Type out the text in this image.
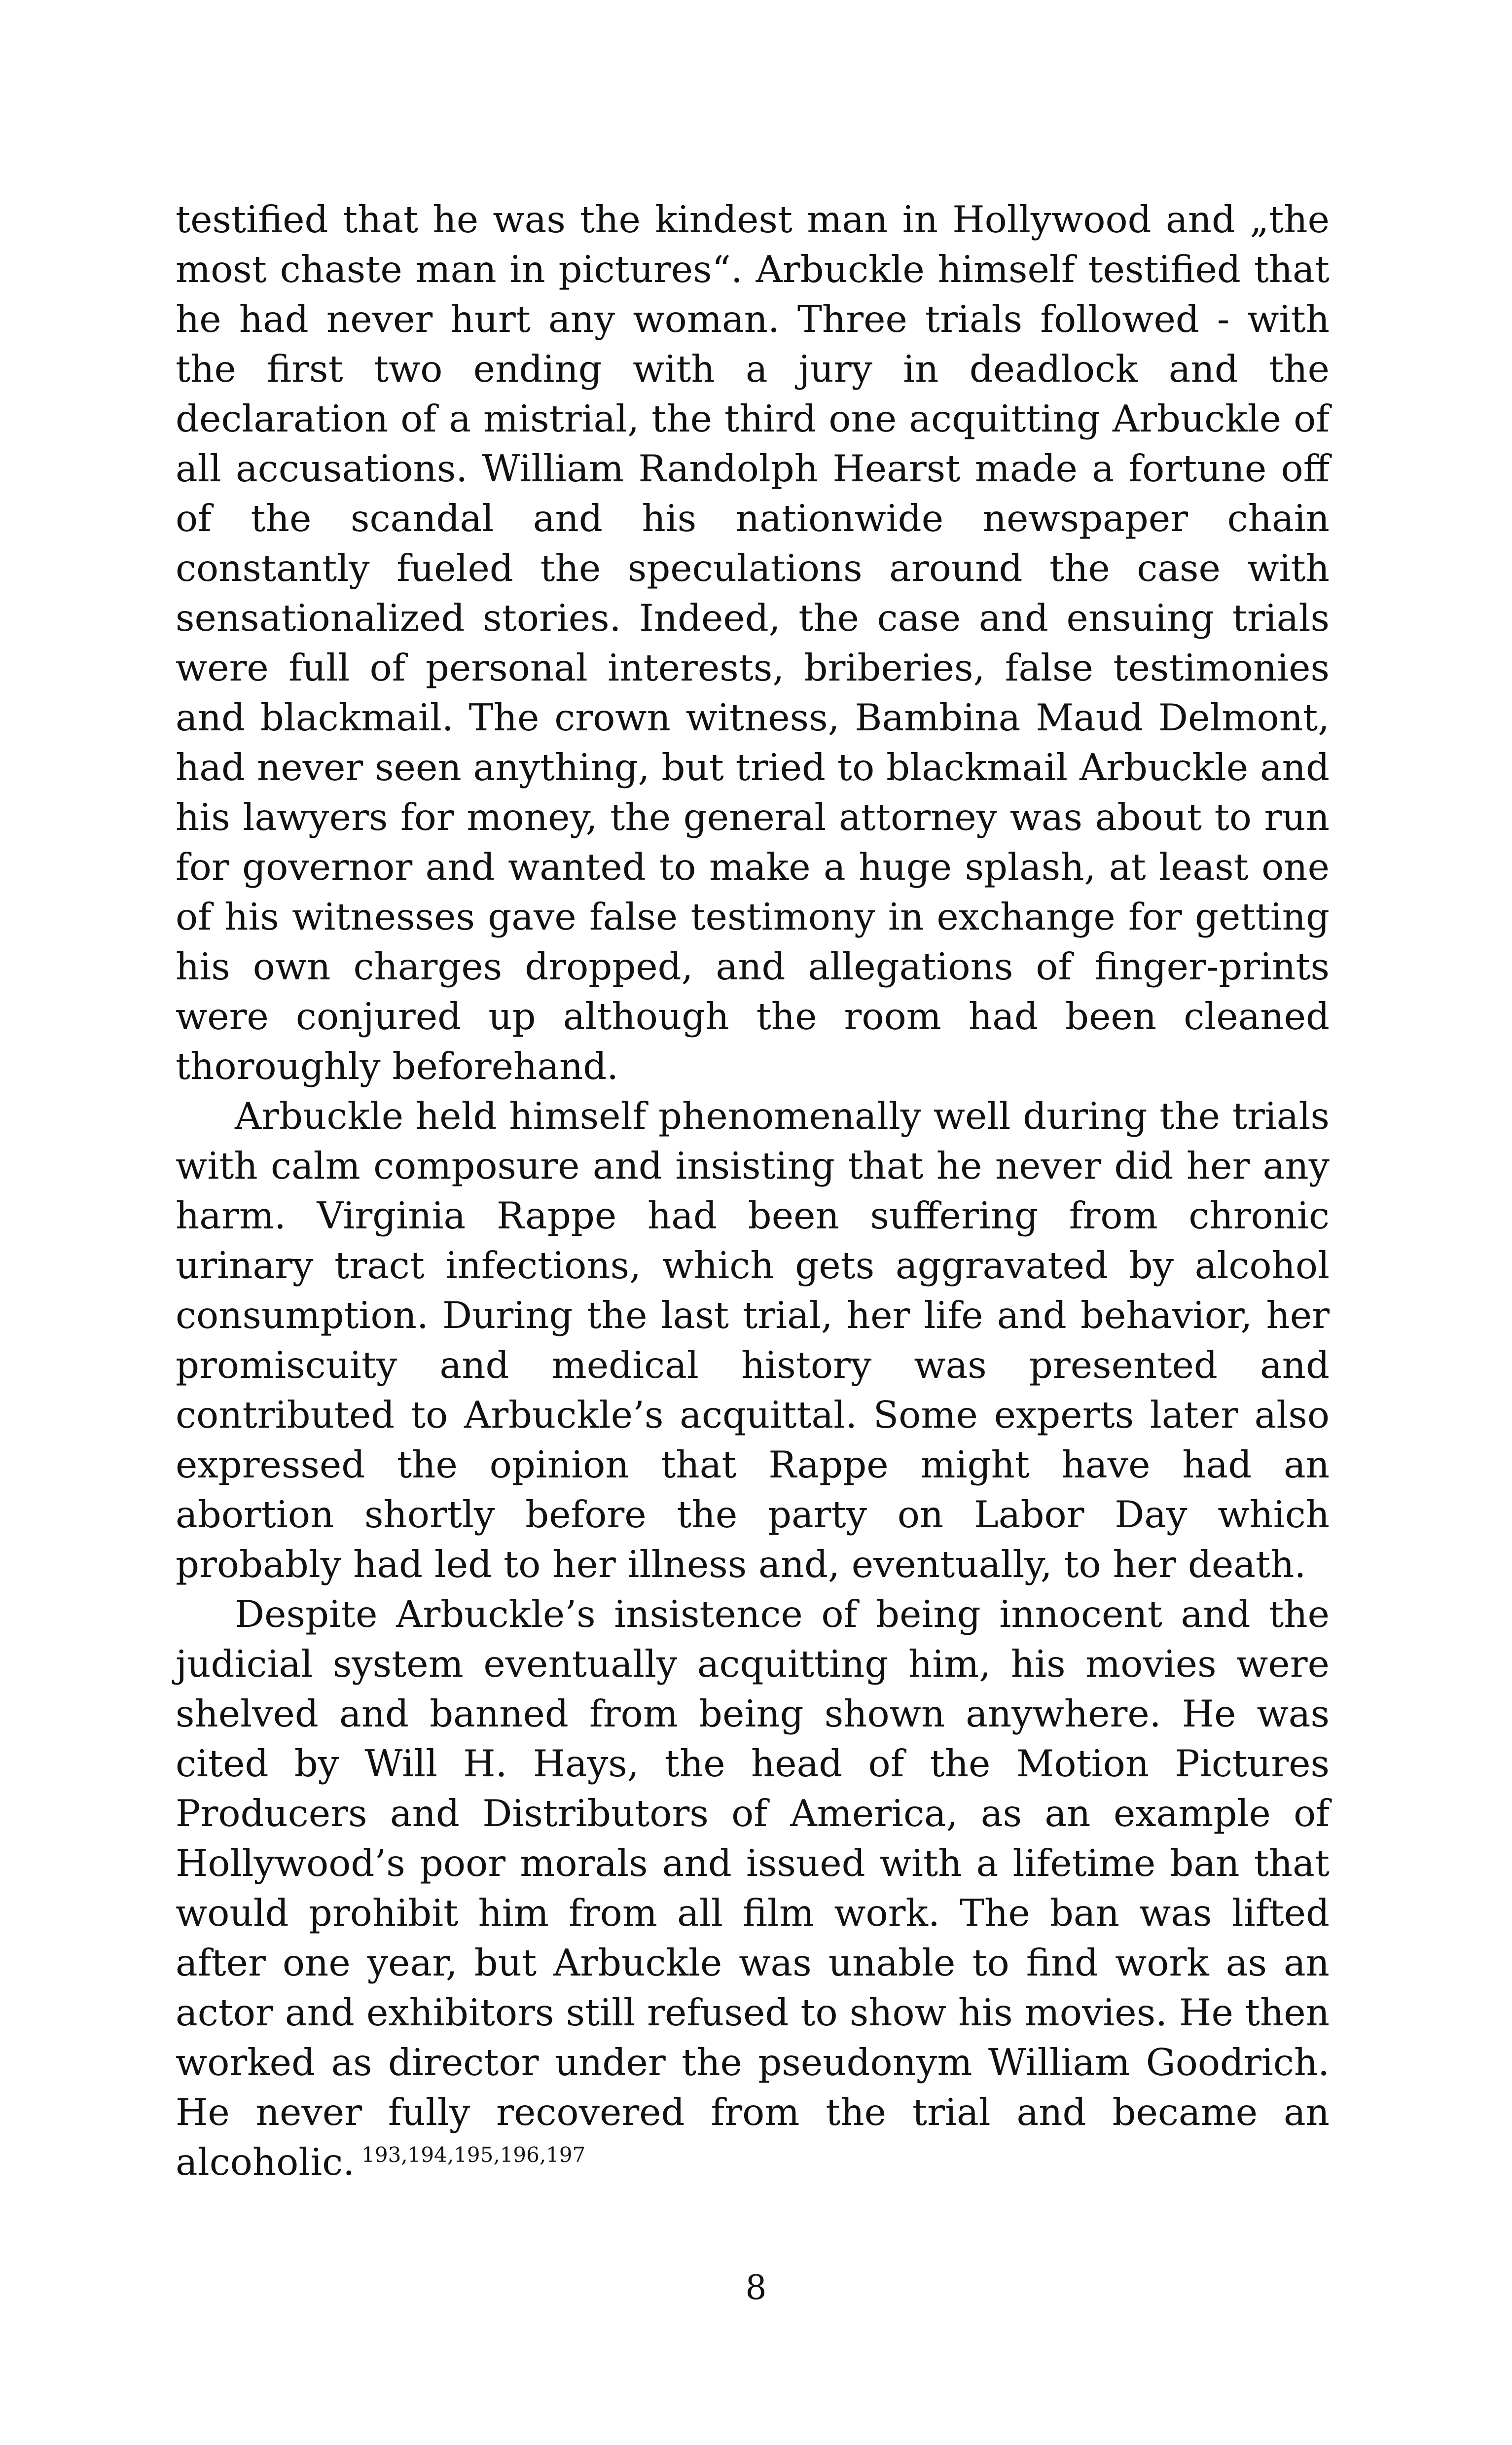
testified that he was the kindest man in Hollywood and „the most chaste man in pictures“. Arbuckle himself testified that he had never hurt any woman. Three trials followed - with the first two ending with a jury in deadlock and the declaration of a mistrial, the third one acquitting Arbuckle of all accusations. William Randolph Hearst made a fortune off of the scandal and his nationwide newspaper chain constantly fueled the speculations around the case with sensationalized stories. Indeed, the case and ensuing trials were full of personal interests, briberies, false testimonies and blackmail. The crown witness, Bambina Maud Delmont, had never seen anything, but tried to blackmail Arbuckle and his lawyers for money, the general attorney was about to run for governor and wanted to make a huge splash, at least one of his witnesses gave false testimony in exchange for getting his own charges dropped, and allegations of finger-prints were conjured up although the room had been cleaned thoroughly beforehand.

Arbuckle held himself phenomenally well during the trials with calm composure and insisting that he never did her any harm. Virginia Rappe had been suffering from chronic urinary tract infections, which gets aggravated by alcohol consumption. During the last trial, her life and behavior, her promiscuity and medical history was presented and contributed to Arbuckle’s acquittal. Some experts later also expressed the opinion that Rappe might have had an abortion shortly before the party on Labor Day which probably had led to her illness and, eventually, to her death.

Despite Arbuckle’s insistence of being innocent and the judicial system eventually acquitting him, his movies were shelved and banned from being shown anywhere. He was cited by Will H. Hays, the head of the Motion Pictures Producers and Distributors of America, as an example of Hollywood’s poor morals and issued with a lifetime ban that would prohibit him from all film work. The ban was lifted after one year, but Arbuckle was unable to find work as an actor and exhibitors still refused to show his movies. He then worked as director under the pseudonym William Goodrich. He never fully recovered from the trial and became an alcoholic. $^{193,194,195,196,197}$

8
